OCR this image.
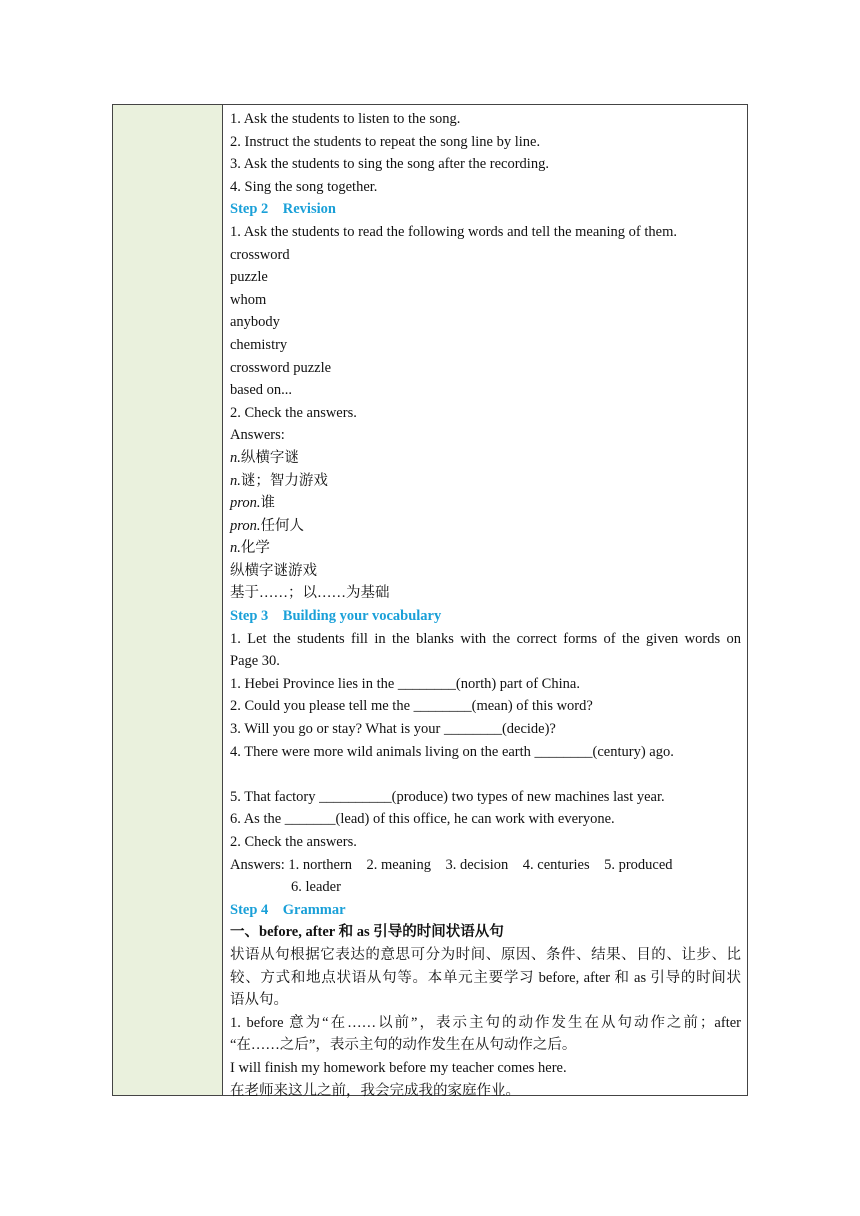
1. Ask the students to listen to the song.
2. Instruct the students to repeat the song line by line.
3. Ask the students to sing the song after the recording.
4. Sing the song together.
Step 2    Revision
1. Ask the students to read the following words and tell the meaning of them.
crossword
puzzle
whom
anybody
chemistry
crossword puzzle
based on...
2. Check the answers.
Answers:
n.纵横字谜
n.谜；智力游戏
pron.谁
pron.任何人
n.化学
纵横字谜游戏
基于……；以……为基础
Step 3    Building your vocabulary
1. Let the students fill in the blanks with the correct forms of the given words on
Page 30.
1. Hebei Province lies in the ________(north) part of China.
2. Could you please tell me the ________(mean) of this word?
3. Will you go or stay? What is your ________(decide)?
4. There were more wild animals living on the earth ________(century) ago.
5. That factory __________(produce) two types of new machines last year.
6. As the _______(lead) of this office, he can work with everyone.
2. Check the answers.
Answers: 1. northern    2. meaning    3. decision    4. centuries    5. produced
6. leader
Step 4    Grammar
一、before, after 和 as 引导的时间状语从句
状语从句根据它表达的意思可分为时间、原因、条件、结果、目的、让步、比
较、方式和地点状语从句等。本单元主要学习 before, after 和 as 引导的时间状
语从句。
1. before 意为“在……以前”，表示主句的动作发生在从句动作之前；after
“在……之后”，表示主句的动作发生在从句动作之后。
I will finish my homework before my teacher comes here.
在老师来这儿之前，我会完成我的家庭作业。
